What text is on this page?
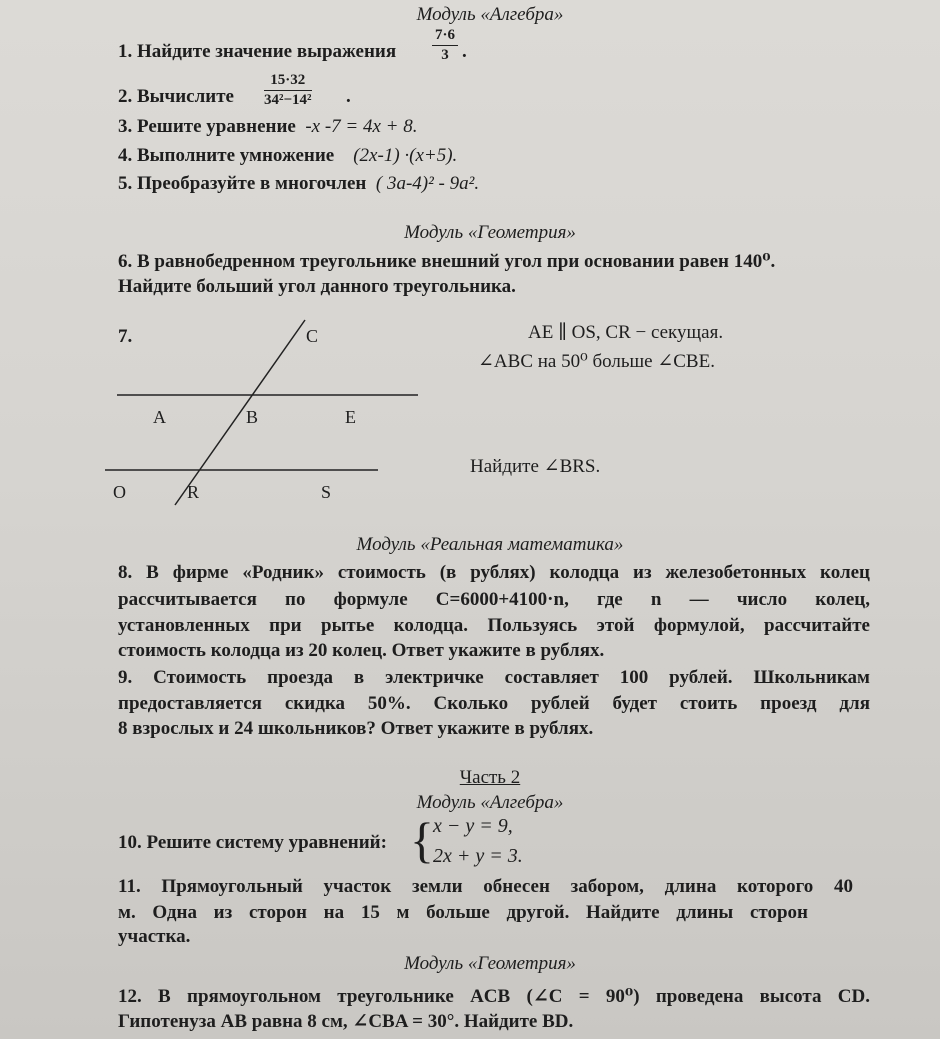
Модуль «Алгебра»
1. Найдите значение выражения $\frac{7\cdot 6}{3}$ .
2. Вычислите $\frac{15\cdot 32}{\text{34²−14²}}$ .
3. Решите уравнение -x -7 = 4x + 8.
4. Выполните умножение (2x-1) ·(x+5).
5. Преобразуйте в многочлен ( 3a-4)² - 9a².
Модуль «Геометрия»
6. В равнобедренном треугольнике внешний угол при основании равен 140⁰.
Найдите больший угол данного треугольника.
7.	C
A	B	E
O	R	S
AE ∥ OS, CR − секущая.
∠ABC на 50⁰ больше ∠CBE.
Найдите ∠BRS.
Модуль «Реальная математика»
8. В фирме «Родник» стоимость (в рублях) колодца из железобетонных колец
рассчитывается по формуле C=6000+4100·n, где n — число колец,
установленных при рытье колодца. Пользуясь этой формулой, рассчитайте
стоимость колодца из 20 колец. Ответ укажите в рублях.
9. Стоимость проезда в электричке составляет 100 рублей. Школьникам
предоставляется скидка 50%. Сколько рублей будет стоить проезд для
8 взрослых и 24 школьников? Ответ укажите в рублях.
Часть 2
Модуль «Алгебра»
10. Решите систему уравнений: { x − y = 9,
2x + y = 3.
11. Прямоугольный участок земли обнесен забором, длина которого 40
м. Одна из сторон на 15 м больше другой. Найдите длины сторон
участка.
Модуль «Геометрия»
12. В прямоугольном треугольнике ACB (∠C = 90⁰) проведена высота CD.
Гипотенуза AB равна 8 см, ∠CBA = 30°. Найдите BD.
